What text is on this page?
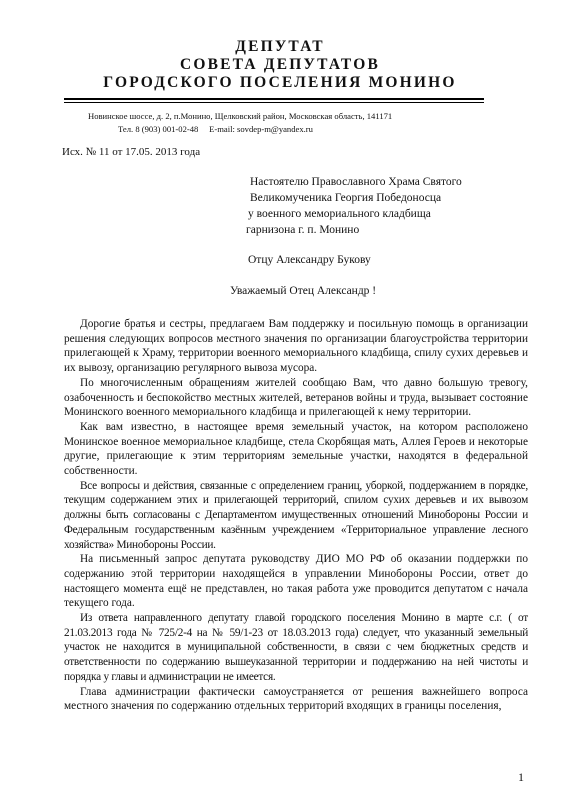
ДЕПУТАТ
СОВЕТА ДЕПУТАТОВ
ГОРОДСКОГО ПОСЕЛЕНИЯ МОНИНО
Новинское шоссе, д. 2, п.Монино, Щелковский район, Московская область, 141171
Тел. 8 (903) 001-02-48 E-mail: sovdep-m@yandex.ru
Исх. № 11 от 17.05. 2013 года
Настоятелю Православного Храма Святого
Великомученика Георгия Победоносца
у военного мемориального кладбища
гарнизона г. п. Монино
Отцу Александру Букову
Уважаемый Отец Александр !

Дорогие братья и сестры, предлагаем Вам поддержку и посильную помощь в организации решения следующих вопросов местного значения по организации благоустройства территории прилегающей к Храму, территории военного мемориального кладбища, спилу сухих деревьев и их вывозу, организацию регулярного вывоза мусора.

По многочисленным обращениям жителей сообщаю Вам, что давно большую тревогу, озабоченность и беспокойство местных жителей, ветеранов войны и труда, вызывает состояние Монинского военного мемориального кладбища и прилегающей к нему территории.

Как вам известно, в настоящее время земельный участок, на котором расположено Монинское военное мемориальное кладбище, стела Скорбящая мать, Аллея Героев и некоторые другие, прилегающие к этим территориям земельные участки, находятся в федеральной собственности.

Все вопросы и действия, связанные с определением границ, уборкой, поддержанием в порядке, текущим содержанием этих и прилегающей территорий, спилом сухих деревьев и их вывозом должны быть согласованы с Департаментом имущественных отношений Минобороны России и Федеральным государственным казённым учреждением «Территориальное управление лесного хозяйства» Минобороны России.

На письменный запрос депутата руководству ДИО МО РФ об оказании поддержки по содержанию этой территории находящейся в управлении Минобороны России, ответ до настоящего момента ещё не представлен, но такая работа уже проводится депутатом с начала текущего года.

Из ответа направленного депутату главой городского поселения Монино в марте с.г. ( от 21.03.2013 года № 725/2-4 на № 59/1-23 от 18.03.2013 года) следует, что указанный земельный участок не находится в муниципальной собственности, в связи с чем бюджетных средств и ответственности по содержанию вышеуказанной территории и поддержанию на ней чистоты и порядка у главы и администрации не имеется.

Глава администрации фактически самоустраняется от решения важнейшего вопроса местного значения по содержанию отдельных территорий входящих в границы поселения,

1
